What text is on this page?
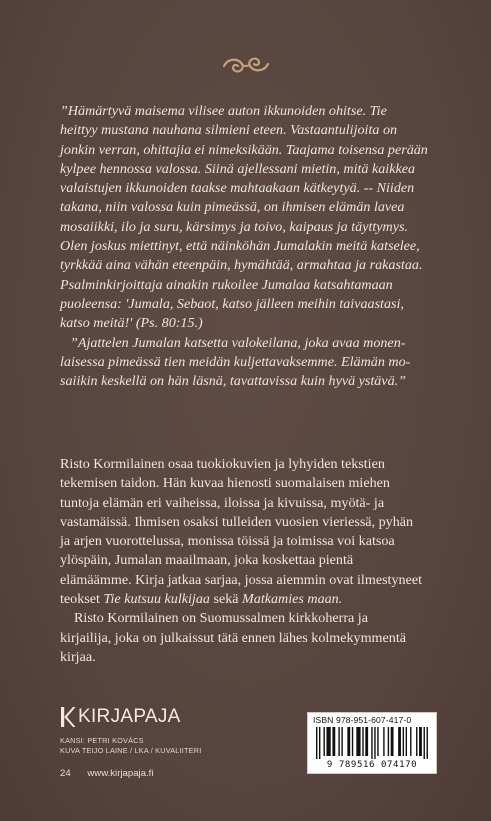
”Hämärtyvä maisema vilisee auton ikkunoiden ohitse. Tie
heittyy mustana nauhana silmieni eteen. Vastaantulijoita on
jonkin verran, ohittajia ei nimeksikään. Taajama toisensa perään
kylpee hennossa valossa. Siinä ajellessani mietin, mitä kaikkea
valaistujen ikkunoiden taakse mahtaakaan kätkeytyä. -- Niiden
takana, niin valossa kuin pimeässä, on ihmisen elämän lavea
mosaiikki, ilo ja suru, kärsimys ja toivo, kaipaus ja täyttymys.
Olen joskus miettinyt, että näinköhän Jumalakin meitä katselee,
tyrkkää aina vähän eteenpäin, hymähtää, armahtaa ja rakastaa.
Psalminkirjoittaja ainakin rukoilee Jumalaa katsahtamaan
puoleensa: 'Jumala, Sebaot, katso jälleen meihin taivaastasi,
katso meitä!' (Ps. 80:15.)

”Ajattelen Jumalan katsetta valokeilana, joka avaa monen-
laisessa pimeässä tien meidän kuljettavaksemme. Elämän mo-
saiikin keskellä on hän läsnä, tavattavissa kuin hyvä ystävä.”

Risto Kormilainen osaa tuokiokuvien ja lyhyiden tekstien
tekemisen taidon. Hän kuvaa hienosti suomalaisen miehen
tuntoja elämän eri vaiheissa, iloissa ja kivuissa, myötä- ja
vastamäissä. Ihmisen osaksi tulleiden vuosien vieriessä, pyhän
ja arjen vuorottelussa, monissa töissä ja toimissa voi katsoa
ylöspäin, Jumalan maailmaan, joka koskettaa pientä
elämäämme. Kirja jatkaa sarjaa, jossa aiemmin ovat ilmestyneet
teokset Tie kutsuu kulkijaa sekä Matkamies maan.

Risto Kormilainen on Suomussalmen kirkkoherra ja
kirjailija, joka on julkaissut tätä ennen lähes kolmekymmentä
kirjaa.

KIRJAPAJA
KANSI: PETRI KOVÁCS
KUVA TEIJO LAINE / LKA / KUVALIITERI
24 www.kirjapaja.fi
ISBN 978-951-607-417-0
9 789516 074170
